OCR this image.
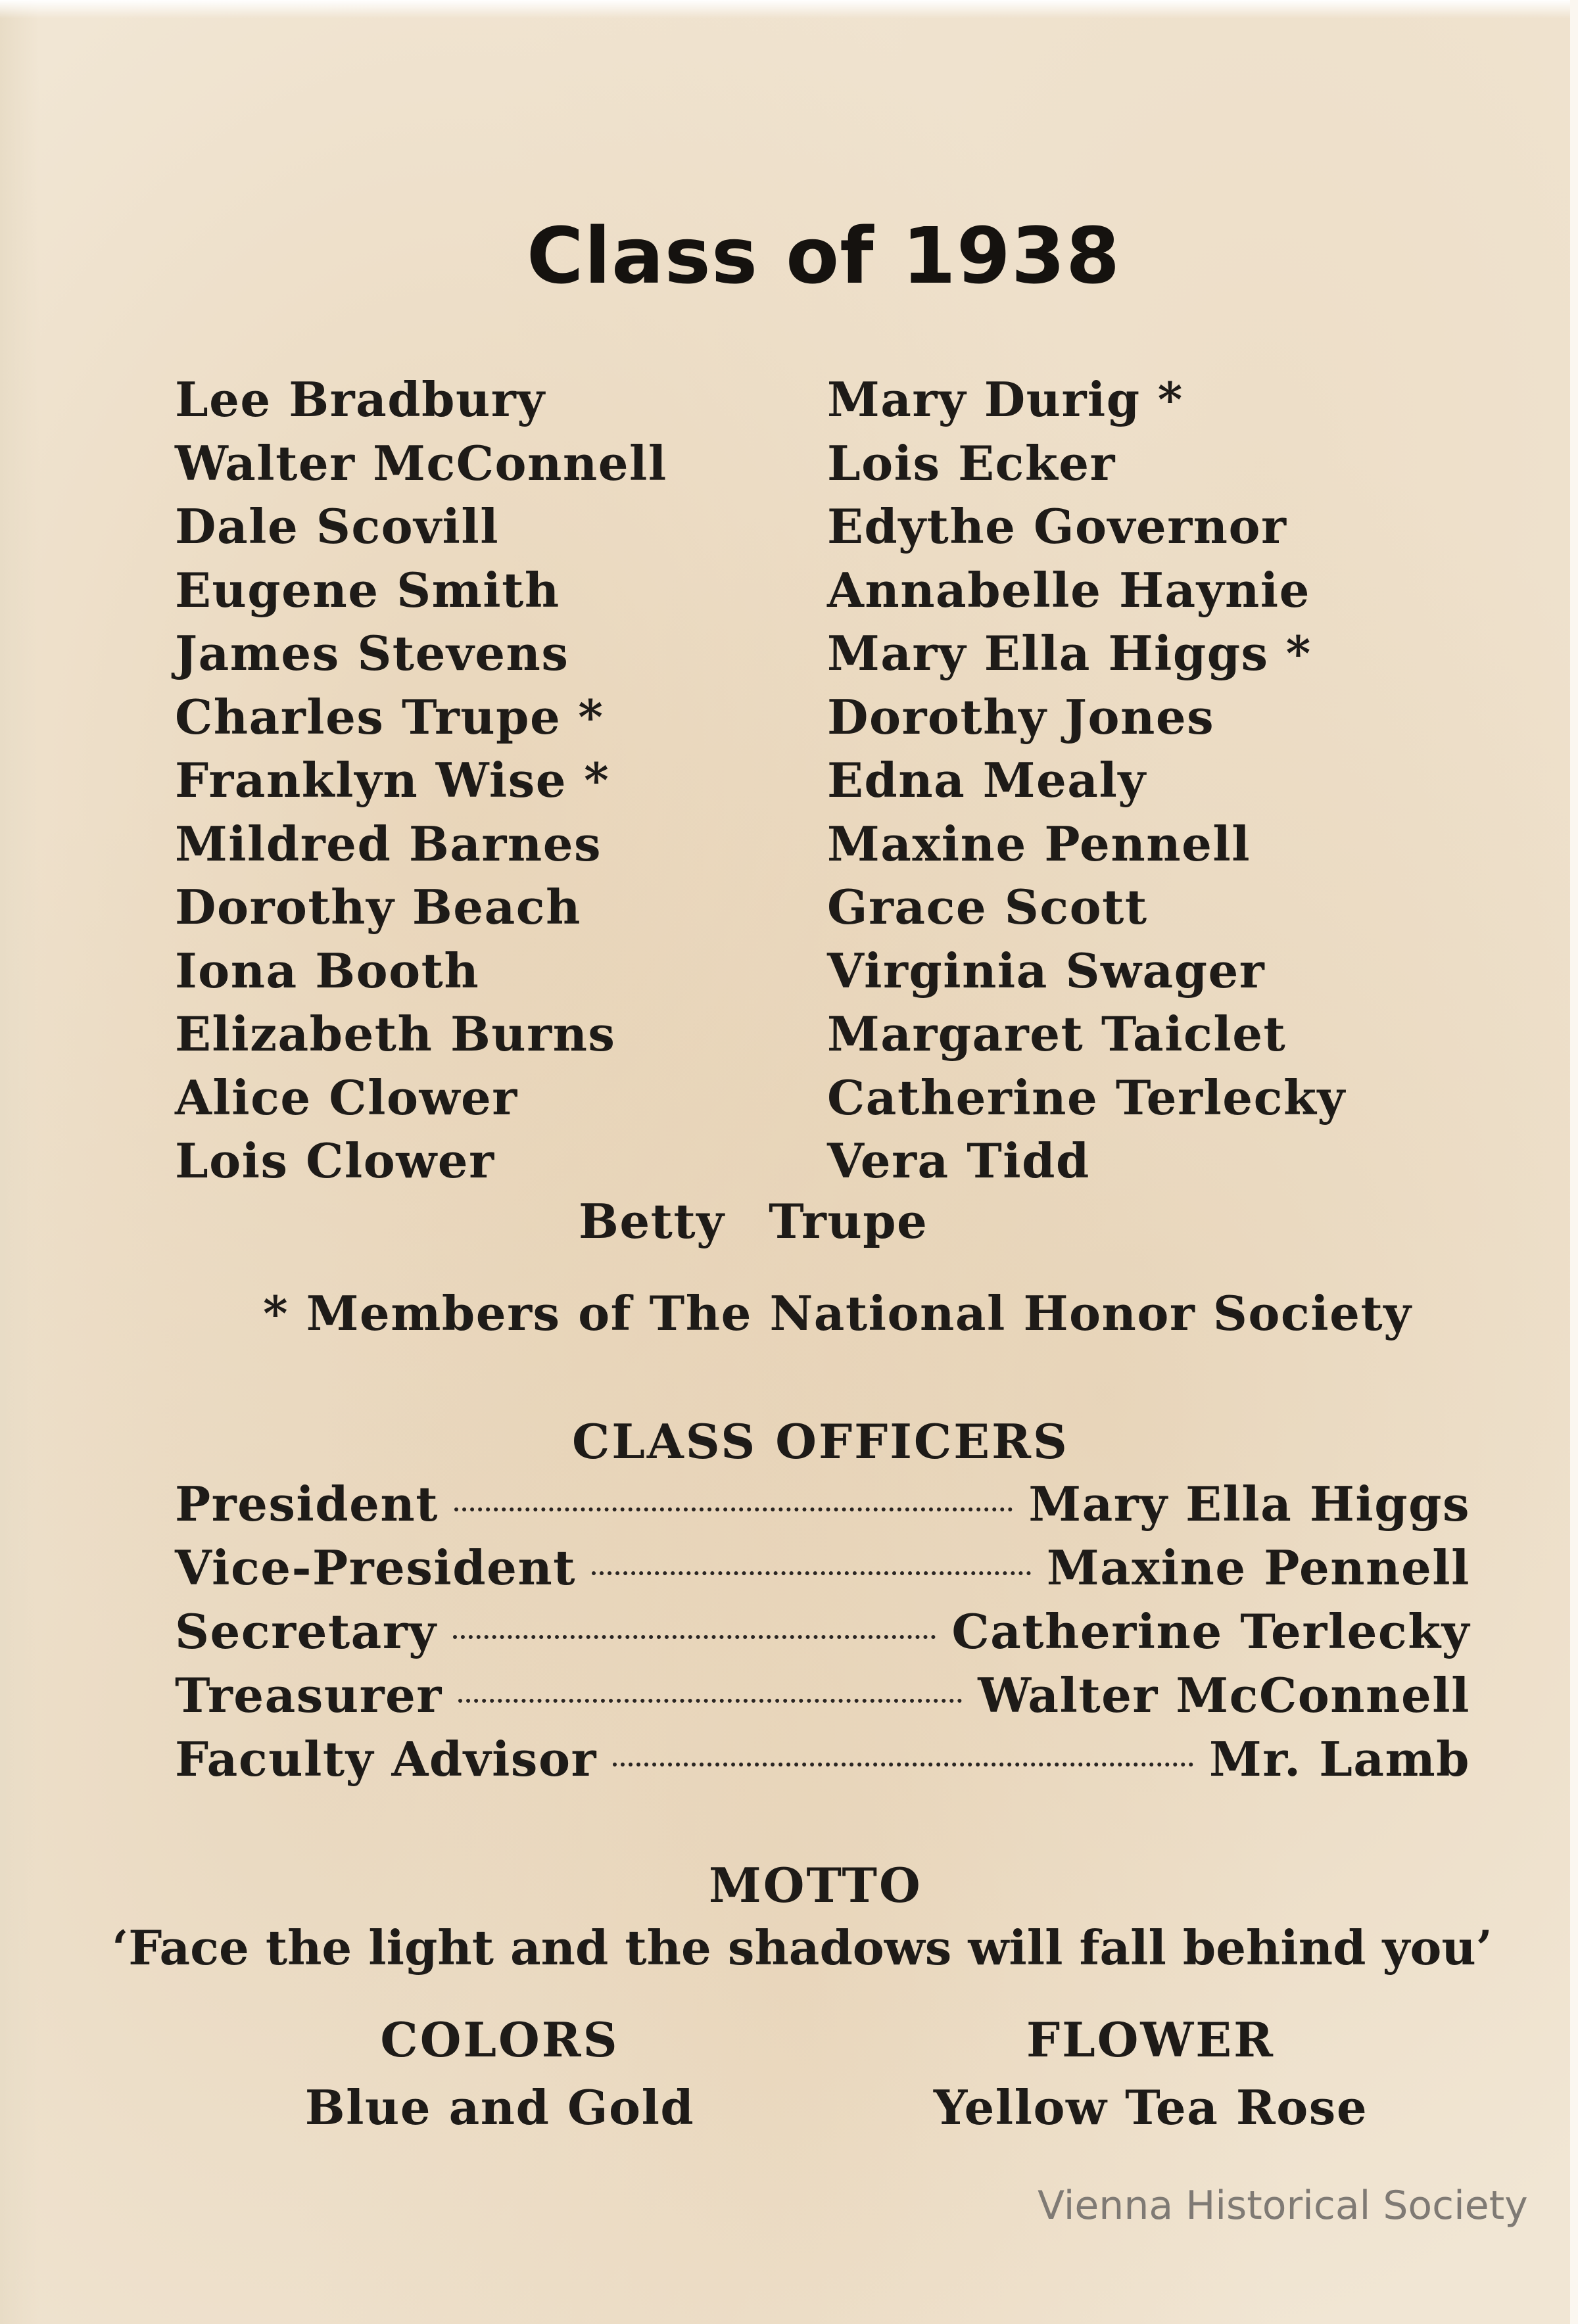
Class of 1938
Lee Bradbury
Walter McConnell
Dale Scovill
Eugene Smith
James Stevens
Charles Trupe *
Franklyn Wise *
Mildred Barnes
Dorothy Beach
Iona Booth
Elizabeth Burns
Alice Clower
Lois Clower
Mary Durig *
Lois Ecker
Edythe Governor
Annabelle Haynie
Mary Ella Higgs *
Dorothy Jones
Edna Mealy
Maxine Pennell
Grace Scott
Virginia Swager
Margaret Taiclet
Catherine Terlecky
Vera Tidd
Betty Trupe
* Members of The National Honor Society
CLASS OFFICERS
President	Mary Ella Higgs
Vice-President	Maxine Pennell
Secretary	Catherine Terlecky
Treasurer	Walter McConnell
Faculty Advisor	Mr. Lamb
MOTTO
‘Face the light and the shadows will fall behind you’
COLORS
Blue and Gold
FLOWER
Yellow Tea Rose
Vienna Historical Society
